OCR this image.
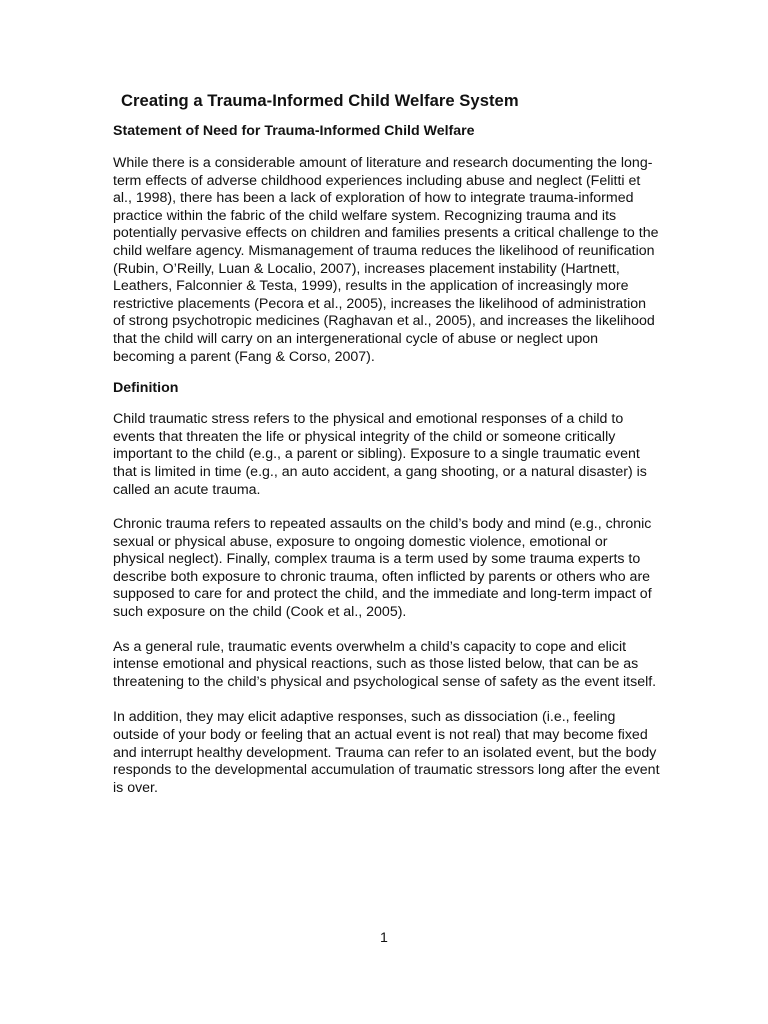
Creating a Trauma-Informed Child Welfare System
Statement of Need for Trauma-Informed Child Welfare

While there is a considerable amount of literature and research documenting the long-term effects of adverse childhood experiences including abuse and neglect (Felitti et al., 1998), there has been a lack of exploration of how to integrate trauma-informed practice within the fabric of the child welfare system. Recognizing trauma and its potentially pervasive effects on children and families presents a critical challenge to the child welfare agency. Mismanagement of trauma reduces the likelihood of reunification (Rubin, O’Reilly, Luan & Localio, 2007), increases placement instability (Hartnett, Leathers, Falconnier & Testa, 1999), results in the application of increasingly more restrictive placements (Pecora et al., 2005), increases the likelihood of administration of strong psychotropic medicines (Raghavan et al., 2005), and increases the likelihood that the child will carry on an intergenerational cycle of abuse or neglect upon becoming a parent (Fang & Corso, 2007).

Definition

Child traumatic stress refers to the physical and emotional responses of a child to events that threaten the life or physical integrity of the child or someone critically important to the child (e.g., a parent or sibling). Exposure to a single traumatic event that is limited in time (e.g., an auto accident, a gang shooting, or a natural disaster) is called an acute trauma.

Chronic trauma refers to repeated assaults on the child’s body and mind (e.g., chronic sexual or physical abuse, exposure to ongoing domestic violence, emotional or physical neglect). Finally, complex trauma is a term used by some trauma experts to describe both exposure to chronic trauma, often inflicted by parents or others who are supposed to care for and protect the child, and the immediate and long-term impact of such exposure on the child (Cook et al., 2005).

As a general rule, traumatic events overwhelm a child’s capacity to cope and elicit intense emotional and physical reactions, such as those listed below, that can be as threatening to the child’s physical and psychological sense of safety as the event itself.

In addition, they may elicit adaptive responses, such as dissociation (i.e., feeling outside of your body or feeling that an actual event is not real) that may become fixed and interrupt healthy development. Trauma can refer to an isolated event, but the body responds to the developmental accumulation of traumatic stressors long after the event is over.

1
